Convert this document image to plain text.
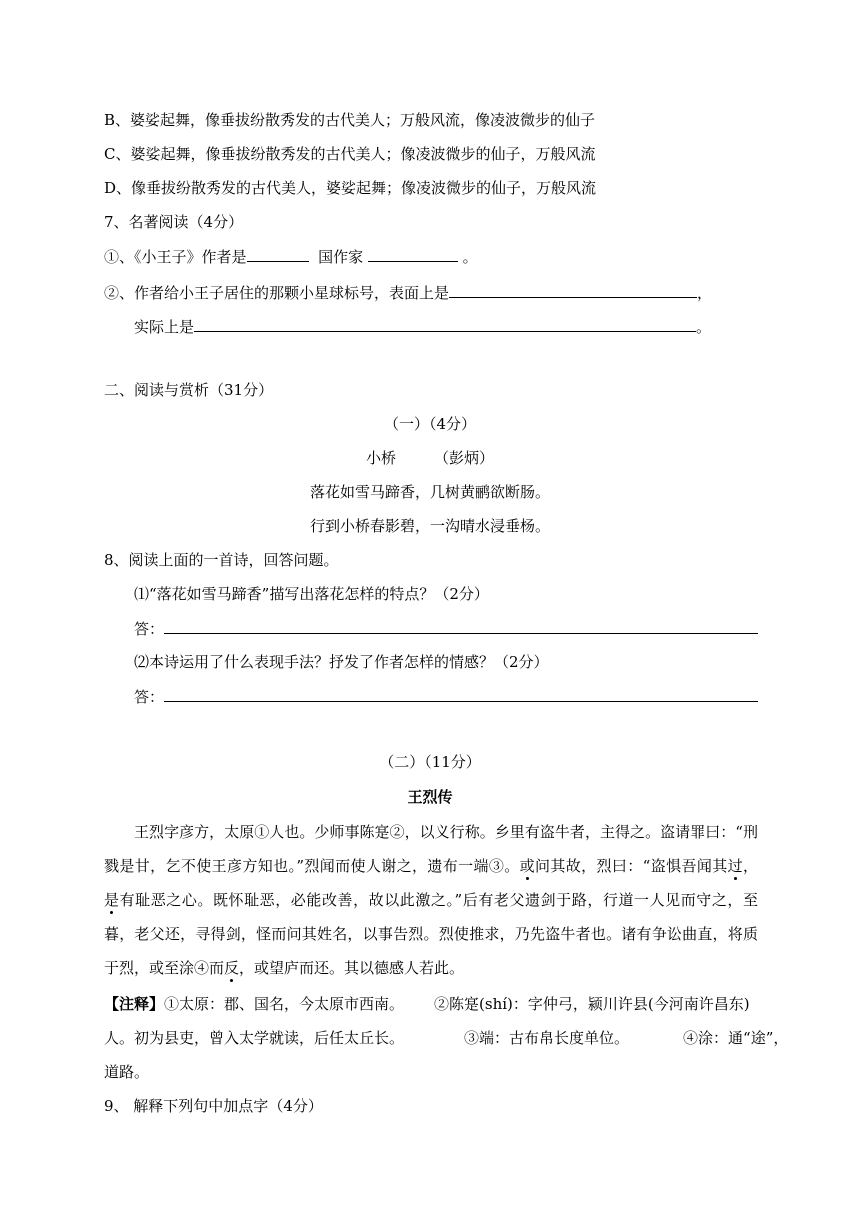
B、婆娑起舞，像垂拔纷散秀发的古代美人；万般风流，像凌波微步的仙子
C、婆娑起舞，像垂拔纷散秀发的古代美人；像凌波微步的仙子，万般风流
D、像垂拔纷散秀发的古代美人，婆娑起舞；像凌波微步的仙子，万般风流
7、名著阅读（4分）
①、《小王子》作者是	国作家	。
②、作者给小王子居住的那颗小星球标号，表面上是	，
实际上是	。
二、阅读与赏析（31分）
（一）（4分）
小桥	（彭炳）
落花如雪马蹄香，几树黄鹂欲断肠。
行到小桥春影碧，一沟晴水浸垂杨。
8、阅读上面的一首诗，回答问题。
⑴“落花如雪马蹄香”描写出落花怎样的特点？（2分）
答：
⑵本诗运用了什么表现手法？抒发了作者怎样的情感？（2分）
答：
（二）（11分）
王烈传
王烈字彦方，太原①人也。少师事陈寔②，以义行称。乡里有盗牛者，主得之。盗请罪曰：“刑
戮是甘，乞不使王彦方知也。”烈闻而使人谢之，遗布一端③。或问其故，烈曰：“盗惧吾闻其过，
是有耻恶之心。既怀耻恶，必能改善，故以此激之。”后有老父遗剑于路，行道一人见而守之，至
暮，老父还，寻得剑，怪而问其姓名，以事告烈。烈使推求，乃先盗牛者也。诸有争讼曲直，将质
于烈，或至涂④而反，或望庐而还。其以德感人若此。
【注释】①太原：郡、国名，今太原市西南。 ②陈寔(shí)：字仲弓，颍川许县(今河南许昌东)
人。初为县吏，曾入太学就读，后任太丘长。	③端：古布帛长度单位。	④涂：通“途”，
道路。
9、 解释下列句中加点字（4分）
